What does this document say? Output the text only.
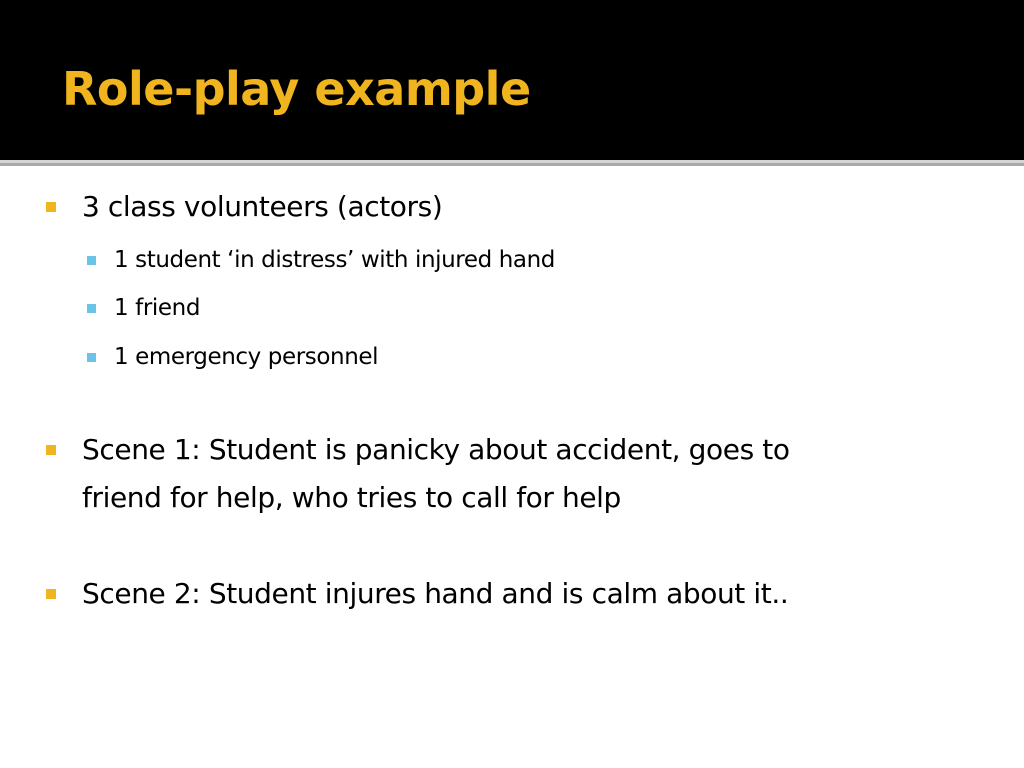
Role-play example
3 class volunteers (actors)
1 student ‘in distress’ with injured hand
1 friend
1 emergency personnel
Scene 1: Student is panicky about accident, goes to
friend for help, who tries to call for help
Scene 2: Student injures hand and is calm about it..
